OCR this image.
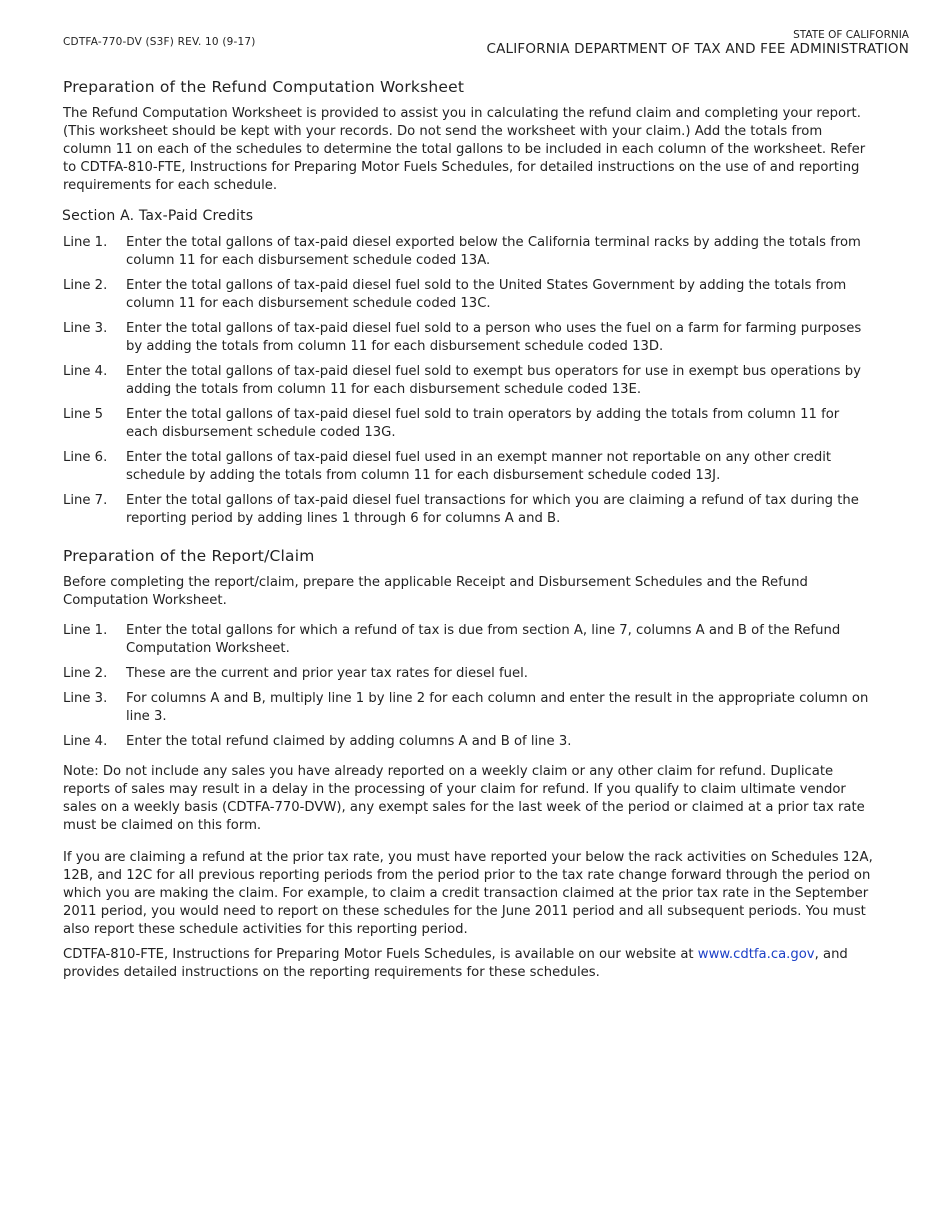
CDTFA-770-DV (S3F) REV. 10 (9-17)
STATE OF CALIFORNIA
CALIFORNIA DEPARTMENT OF TAX AND FEE ADMINISTRATION
Preparation of the Refund Computation Worksheet

The Refund Computation Worksheet is provided to assist you in calculating the refund claim and completing your report. (This worksheet should be kept with your records. Do not send the worksheet with your claim.) Add the totals from column 11 on each of the schedules to determine the total gallons to be included in each column of the worksheet. Refer to CDTFA-810-FTE, Instructions for Preparing Motor Fuels Schedules, for detailed instructions on the use of and reporting requirements for each schedule.

Section A. Tax-Paid Credits
Line 1.	Enter the total gallons of tax-paid diesel exported below the California terminal racks by adding the totals from column 11 for each disbursement schedule coded 13A.
Line 2.	Enter the total gallons of tax-paid diesel fuel sold to the United States Government by adding the totals from column 11 for each disbursement schedule coded 13C.
Line 3.	Enter the total gallons of tax-paid diesel fuel sold to a person who uses the fuel on a farm for farming purposes by adding the totals from column 11 for each disbursement schedule coded 13D.
Line 4.	Enter the total gallons of tax-paid diesel fuel sold to exempt bus operators for use in exempt bus operations by adding the totals from column 11 for each disbursement schedule coded 13E.
Line 5	Enter the total gallons of tax-paid diesel fuel sold to train operators by adding the totals from column 11 for each disbursement schedule coded 13G.
Line 6.	Enter the total gallons of tax-paid diesel fuel used in an exempt manner not reportable on any other credit schedule by adding the totals from column 11 for each disbursement schedule coded 13J.
Line 7.	Enter the total gallons of tax-paid diesel fuel transactions for which you are claiming a refund of tax during the reporting period by adding lines 1 through 6 for columns A and B.
Preparation of the Report/Claim

Before completing the report/claim, prepare the applicable Receipt and Disbursement Schedules and the Refund Computation Worksheet.

Line 1.	Enter the total gallons for which a refund of tax is due from section A, line 7, columns A and B of the Refund Computation Worksheet.
Line 2.	These are the current and prior year tax rates for diesel fuel.
Line 3.	For columns A and B, multiply line 1 by line 2 for each column and enter the result in the appropriate column on line 3.
Line 4.	Enter the total refund claimed by adding columns A and B of line 3.

Note: Do not include any sales you have already reported on a weekly claim or any other claim for refund. Duplicate reports of sales may result in a delay in the processing of your claim for refund. If you qualify to claim ultimate vendor sales on a weekly basis (CDTFA-770-DVW), any exempt sales for the last week of the period or claimed at a prior tax rate must be claimed on this form.

If you are claiming a refund at the prior tax rate, you must have reported your below the rack activities on Schedules 12A, 12B, and 12C for all previous reporting periods from the period prior to the tax rate change forward through the period on which you are making the claim. For example, to claim a credit transaction claimed at the prior tax rate in the September 2011 period, you would need to report on these schedules for the June 2011 period and all subsequent periods. You must also report these schedule activities for this reporting period.

CDTFA-810-FTE, Instructions for Preparing Motor Fuels Schedules, is available on our website at www.cdtfa.ca.gov, and provides detailed instructions on the reporting requirements for these schedules.
